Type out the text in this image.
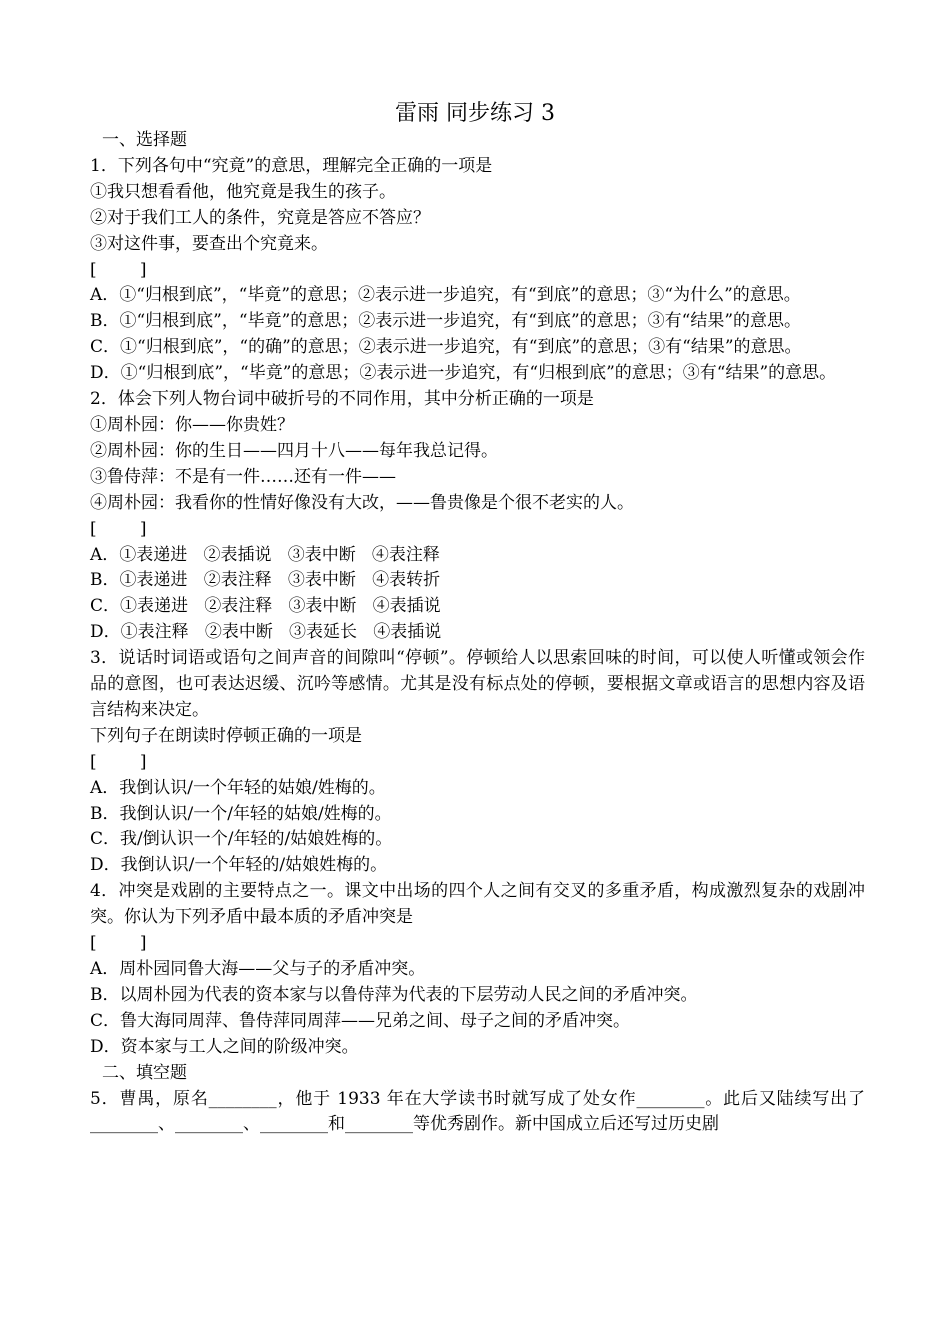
雷雨 同步练习 3
一、选择题
1．下列各句中“究竟”的意思，理解完全正确的一项是
①我只想看看他，他究竟是我生的孩子。
②对于我们工人的条件，究竟是答应不答应？
③对这件事，要查出个究竟来。
[        ]
A．①“归根到底”，“毕竟”的意思；②表示进一步追究，有“到底”的意思；③“为什么”的意思。
B．①“归根到底”，“毕竟”的意思；②表示进一步追究，有“到底”的意思；③有“结果”的意思。
C．①“归根到底”，“的确”的意思；②表示进一步追究，有“到底”的意思；③有“结果”的意思。
D．①“归根到底”，“毕竟”的意思；②表示进一步追究，有“归根到底”的意思；③有“结果”的意思。
2．体会下列人物台词中破折号的不同作用，其中分析正确的一项是
①周朴园：你——你贵姓？
②周朴园：你的生日——四月十八——每年我总记得。
③鲁侍萍：不是有一件……还有一件——
④周朴园：我看你的性情好像没有大改，——鲁贵像是个很不老实的人。
[        ]
A．①表递进   ②表插说   ③表中断   ④表注释
B．①表递进   ②表注释   ③表中断   ④表转折
C．①表递进   ②表注释   ③表中断   ④表插说
D．①表注释   ②表中断   ③表延长   ④表插说
3．说话时词语或语句之间声音的间隙叫“停顿”。停顿给人以思索回味的时间，可以使人听懂或领会作品的意图，也可表达迟缓、沉吟等感情。尤其是没有标点处的停顿，要根据文章或语言的思想内容及语言结构来决定。
下列句子在朗读时停顿正确的一项是
[        ]
A．我倒认识/一个年轻的姑娘/姓梅的。
B．我倒认识/一个/年轻的姑娘/姓梅的。
C．我/倒认识一个/年轻的/姑娘姓梅的。
D．我倒认识/一个年轻的/姑娘姓梅的。
4．冲突是戏剧的主要特点之一。课文中出场的四个人之间有交叉的多重矛盾，构成激烈复杂的戏剧冲突。你认为下列矛盾中最本质的矛盾冲突是
[        ]
A．周朴园同鲁大海——父与子的矛盾冲突。
B．以周朴园为代表的资本家与以鲁侍萍为代表的下层劳动人民之间的矛盾冲突。
C．鲁大海同周萍、鲁侍萍同周萍——兄弟之间、母子之间的矛盾冲突。
D．资本家与工人之间的阶级冲突。
二、填空题
5．曹禺，原名________，他于 1933 年在大学读书时就写成了处女作________。此后又陆续写出了________、________、________和________等优秀剧作。新中国成立后还写过历史剧
